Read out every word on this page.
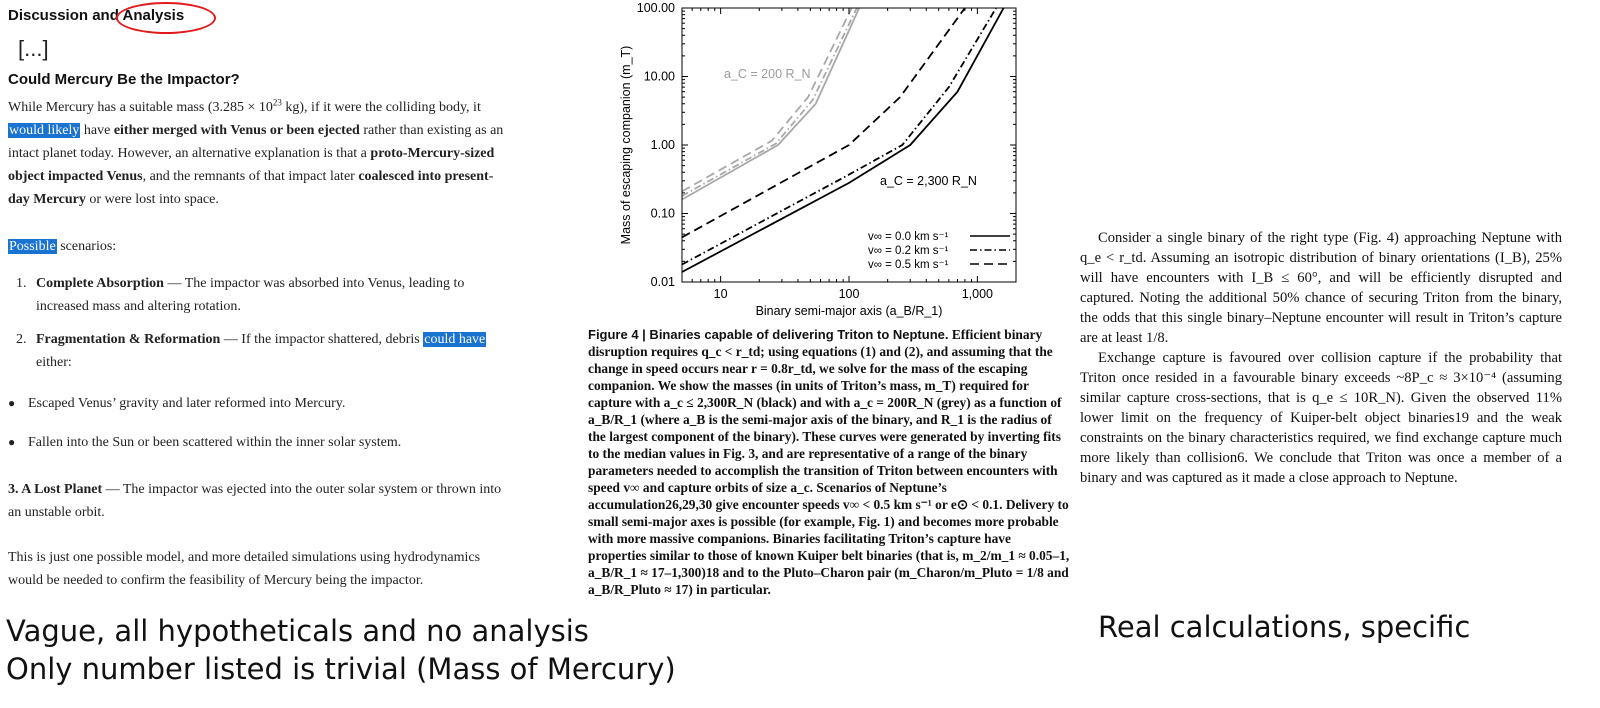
Discussion and Analysis
[...]
Could Mercury Be the Impactor?

While Mercury has a suitable mass ($3.285 \times 10^{23}$ kg), if it were the colliding body, it would likely have either merged with Venus or been ejected rather than existing as an intact planet today. However, an alternative explanation is that a proto-Mercury-sized object impacted Venus, and the remnants of that impact later coalesced into present-day Mercury or were lost into space.

Possible scenarios:

1. Complete Absorption — The impactor was absorbed into Venus, leading to increased mass and altering rotation.
2. Fragmentation & Reformation — If the impactor shattered, debris could have either:
● Escaped Venus’ gravity and later reformed into Mercury.
● Fallen into the Sun or been scattered within the inner solar system.

3. A Lost Planet — The impactor was ejected into the outer solar system or thrown into an unstable orbit.

This is just one possible model, and more detailed simulations using hydrodynamics would be needed to confirm the feasibility of Mercury being the impactor.

Vague, all hypotheticals and no analysis
Only number listed is trivial (Mass of Mercury)
Real calculations, specific
10	100	1,000
0.01
0.10
1.00
10.00
100.00
Binary semi-major axis (a_B/R_1)
Mass of escaping companion (m_T)	a_C = 200 R_N
a_C = 2,300 R_N
v∞ = 0.0 km s⁻¹
v∞ = 0.2 km s⁻¹
v∞ = 0.5 km s⁻¹
Figure 4 | Binaries capable of delivering Triton to Neptune. Efficient binary disruption requires q_c < r_td; using equations (1) and (2), and assuming that the change in speed occurs near r = 0.8r_td, we solve for the mass of the escaping companion. We show the masses (in units of Triton’s mass, m_T) required for capture with a_c ≤ 2,300R_N (black) and with a_c = 200R_N (grey) as a function of a_B/R_1 (where a_B is the semi-major axis of the binary, and R_1 is the radius of the largest component of the binary). These curves were generated by inverting fits to the median values in Fig. 3, and are representative of a range of the binary parameters needed to accomplish the transition of Triton between encounters with speed v∞ and capture orbits of size a_c. Scenarios of Neptune’s accumulation26,29,30 give encounter speeds v∞ < 0.5 km s⁻¹ or e⊙ < 0.1. Delivery to small semi-major axes is possible (for example, Fig. 1) and becomes more probable with more massive companions. Binaries facilitating Triton’s capture have properties similar to those of known Kuiper belt binaries (that is, m_2/m_1 ≈ 0.05–1, a_B/R_1 ≈ 17–1,300)18 and to the Pluto–Charon pair (m_Charon/m_Pluto = 1/8 and a_B/R_Pluto ≈ 17) in particular.

Consider a single binary of the right type (Fig. 4) approaching Neptune with q_e < r_td. Assuming an isotropic distribution of binary orientations (I_B), 25% will have encounters with I_B ≤ 60°, and will be efficiently disrupted and captured. Noting the additional 50% chance of securing Triton from the binary, the odds that this single binary–Neptune encounter will result in Triton’s capture are at least 1/8.

Exchange capture is favoured over collision capture if the probability that Triton once resided in a favourable binary exceeds ~8P_c ≈ 3×10⁻⁴ (assuming similar capture cross-sections, that is q_e ≤ 10R_N). Given the observed 11% lower limit on the frequency of Kuiper-belt object binaries19 and the weak constraints on the binary characteristics required, we find exchange capture much more likely than collision6. We conclude that Triton was once a member of a binary and was captured as it made a close approach to Neptune.
